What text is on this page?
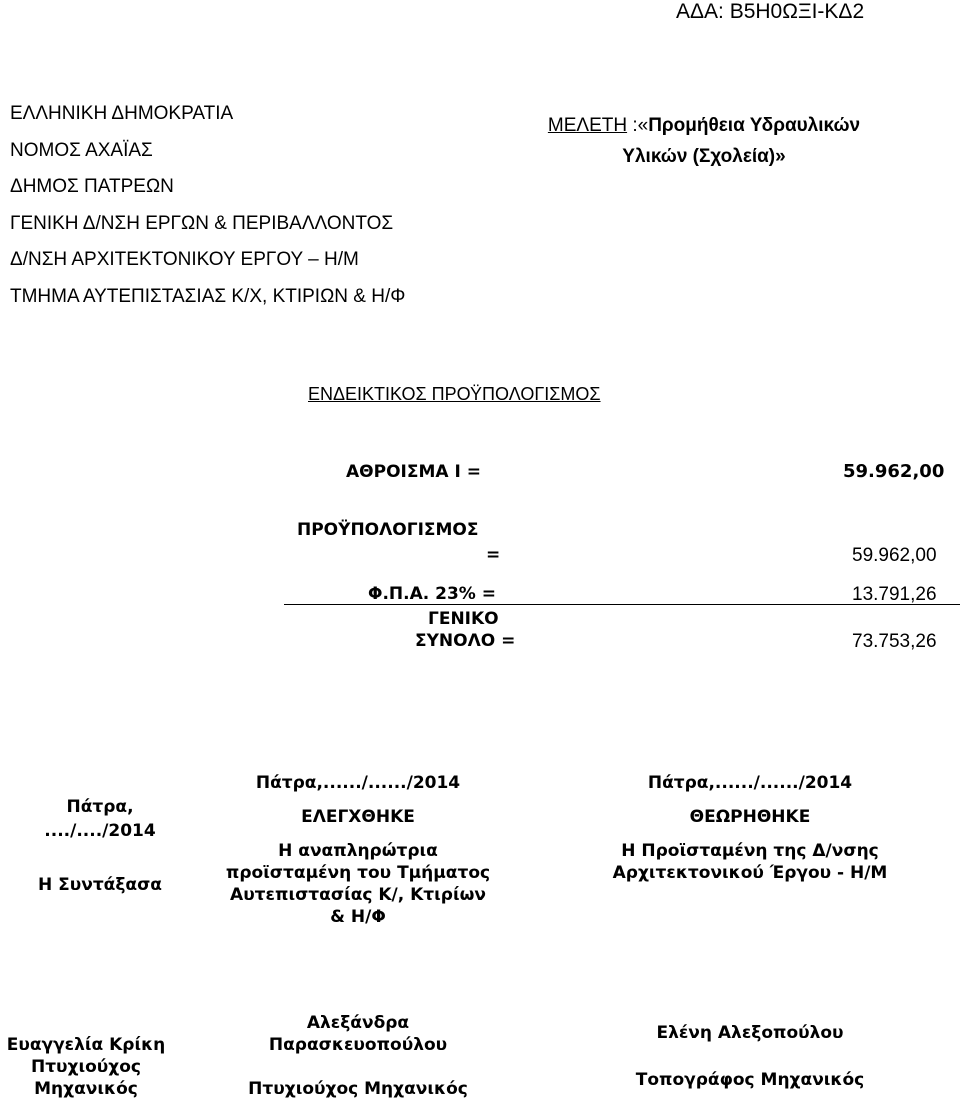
ΑΔΑ: Β5Η0ΩΞΙ-ΚΔ2
ΕΛΛΗΝΙΚΗ ΔΗΜΟΚΡΑΤΙΑ
ΝΟΜΟΣ ΑΧΑΪΑΣ
ΔΗΜΟΣ ΠΑΤΡΕΩΝ
ΓΕΝΙΚΗ Δ/ΝΣΗ ΕΡΓΩΝ & ΠΕΡΙΒΑΛΛΟΝΤΟΣ
Δ/ΝΣΗ ΑΡΧΙΤΕΚΤΟΝΙΚΟΥ ΕΡΓΟΥ – Η/Μ
ΤΜΗΜΑ ΑΥΤΕΠΙΣΤΑΣΙΑΣ Κ/Χ, ΚΤΙΡΙΩΝ & Η/Φ
ΜΕΛΕΤΗ :«Προμήθεια Υδραυλικών
Υλικών (Σχολεία)»
ΕΝΔΕΙΚΤΙΚΟΣ ΠΡΟΫΠΟΛΟΓΙΣΜΟΣ
ΑΘΡΟΙΣΜΑ Ι =	59.962,00
ΠΡΟΫΠΟΛΟΓΙΣΜΟΣ
=	59.962,00
Φ.Π.Α. 23% =	13.791,26
ΓΕΝΙΚΟ
ΣΥΝΟΛΟ =	73.753,26
Πάτρα,
..../..../2014
Η Συντάξασα
Ευαγγελία Κρίκη
Πτυχιούχος
Μηχανικός
Πάτρα,....../....../2014
ΕΛΕΓΧΘΗΚΕ
Η αναπληρώτρια
προϊσταμένη του Τμήματος
Αυτεπιστασίας Κ/, Κτιρίων
& Η/Φ
Αλεξάνδρα
Παρασκευοπούλου
Πτυχιούχος Μηχανικός
Πάτρα,....../....../2014
ΘΕΩΡΗΘΗΚΕ
Η Προϊσταμένη της Δ/νσης
Αρχιτεκτονικού Έργου - Η/Μ
Ελένη Αλεξοπούλου
Τοπογράφος Μηχανικός
